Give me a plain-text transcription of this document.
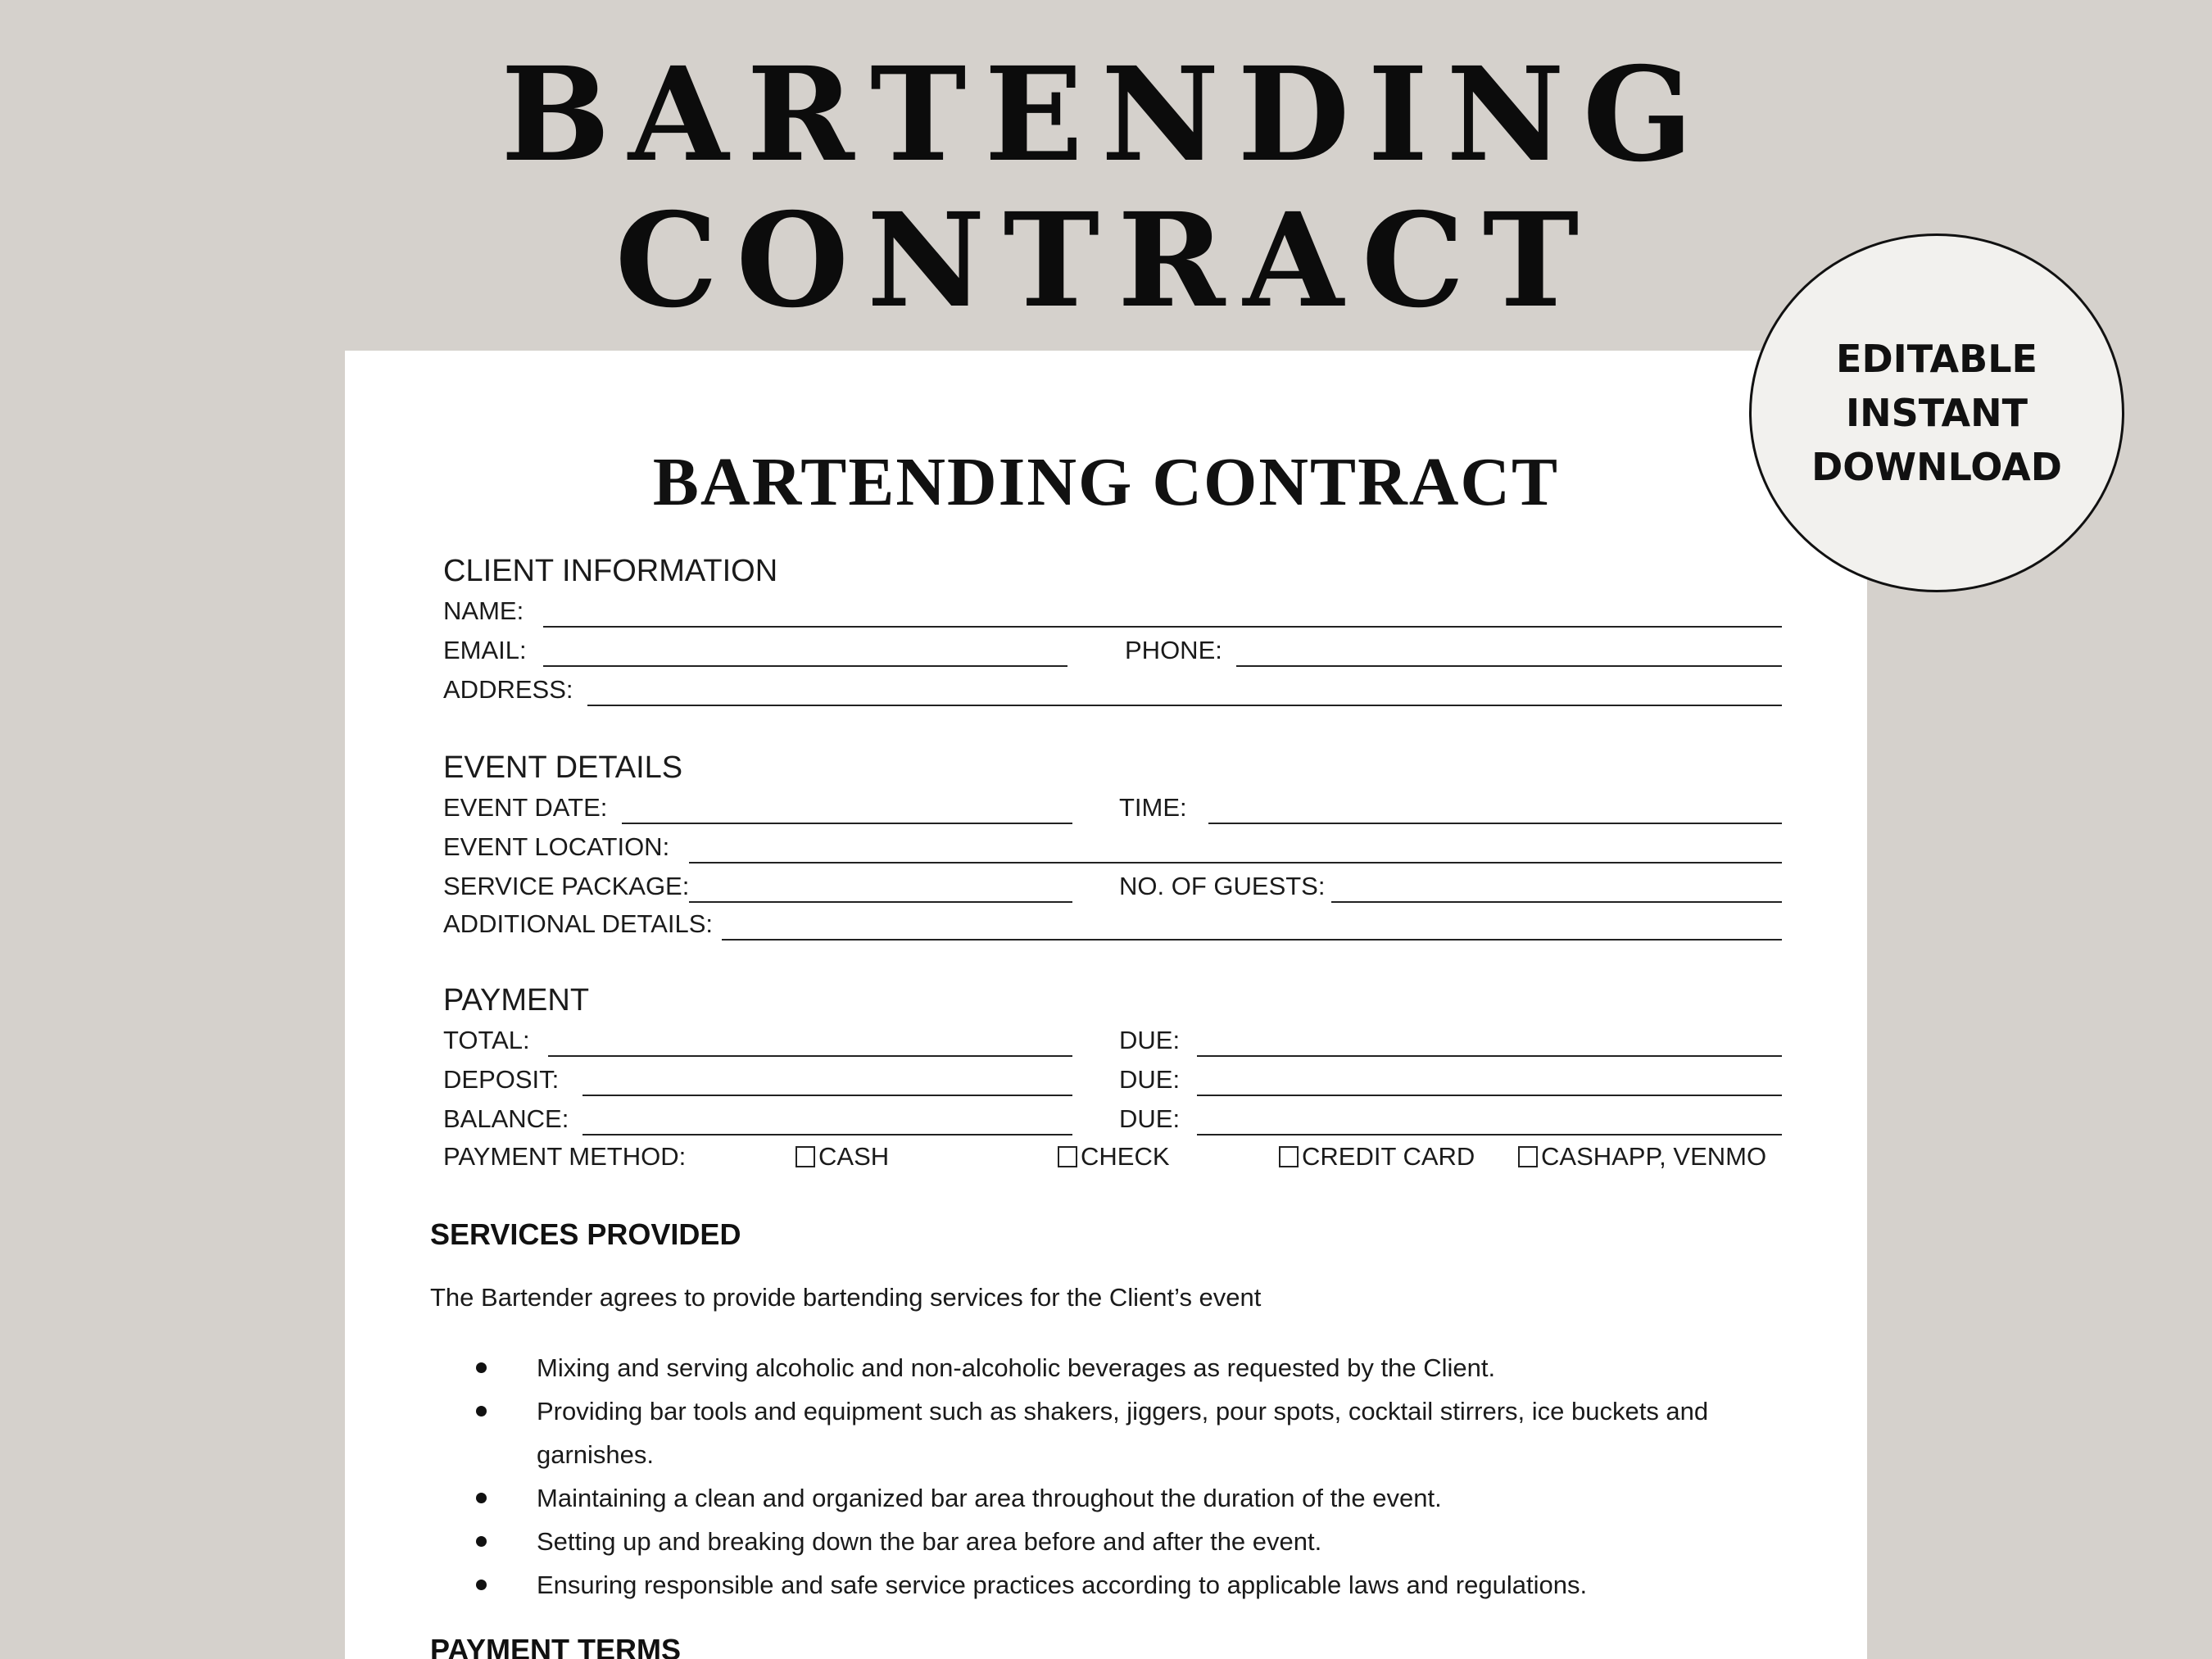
BARTENDING
CONTRACT
BARTENDING CONTRACT
CLIENT INFORMATION
NAME:
EMAIL:	PHONE:
ADDRESS:
EVENT DETAILS
EVENT DATE:	TIME:
EVENT LOCATION:
SERVICE PACKAGE:	NO. OF GUESTS:
ADDITIONAL DETAILS:
PAYMENT
TOTAL:	DUE:
DEPOSIT:	DUE:
BALANCE:	DUE:
PAYMENT METHOD:	CASH	CHECK	CREDIT CARD	CASHAPP, VENMO
SERVICES PROVIDED
The Bartender agrees to provide bartending services for the Client’s event
Mixing and serving alcoholic and non-alcoholic beverages as requested by the Client.
Providing bar tools and equipment such as shakers, jiggers, pour spots, cocktail stirrers, ice buckets and garnishes.
Maintaining a clean and organized bar area throughout the duration of the event.
Setting up and breaking down the bar area before and after the event.
Ensuring responsible and safe service practices according to applicable laws and regulations.
PAYMENT TERMS
EDITABLE
INSTANT
DOWNLOAD
